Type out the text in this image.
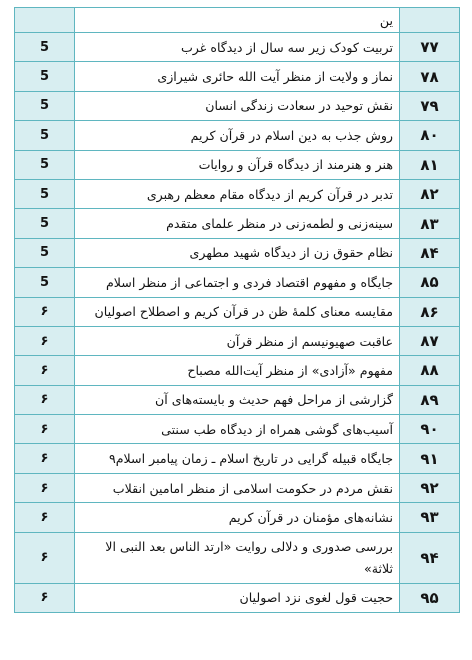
	ین	
۷۷	تربیت کودک زیر سه سال از دیدگاه غرب	5
۷۸	نماز و ولایت از منظر آیت الله حائری شیرازی	5
۷۹	نقش توحید در سعادت زندگی انسان	5
۸۰	روش جذب به دین اسلام در قرآن کریم	5
۸۱	هنر و هنرمند از دیدگاه قرآن و روایات	5
۸۲	تدبر در قرآن کریم از دیدگاه مقام معظم رهبری	5
۸۳	سینه‌زنی و لطمه‌زنی در منظر علمای متقدم	5
۸۴	نظام حقوق زن از دیدگاه شهید مطهری	5
۸۵	جایگاه و مفهوم اقتصاد فردی و اجتماعی از منظر اسلام	5
۸۶	مقایسه معنای کلمهٔ ظن در قرآن کریم و اصطلاح اصولیان	۶
۸۷	عاقبت صهیونیسم از منظر قرآن	۶
۸۸	مفهوم «آزادی» از منظر آیت‌الله مصباح	۶
۸۹	گزارشی از مراحل فهم حدیث و بایسته‌های آن	۶
۹۰	آسیب‌های گوشی همراه از دیدگاه طب سنتی	۶
۹۱	جایگاه قبیله گرایی در تاریخ اسلام ـ زمان پیامبر اسلام۹	۶
۹۲	نقش مردم در حکومت اسلامی از منظر امامین انقلاب	۶
۹۳	نشانه‌های مؤمنان در قرآن کریم	۶
۹۴	بررسی صدوری و دلالی روایت «ارتد الناس بعد النبی الا ثلاثة»	۶
۹۵	حجیت قول لغوی نزد اصولیان	۶
